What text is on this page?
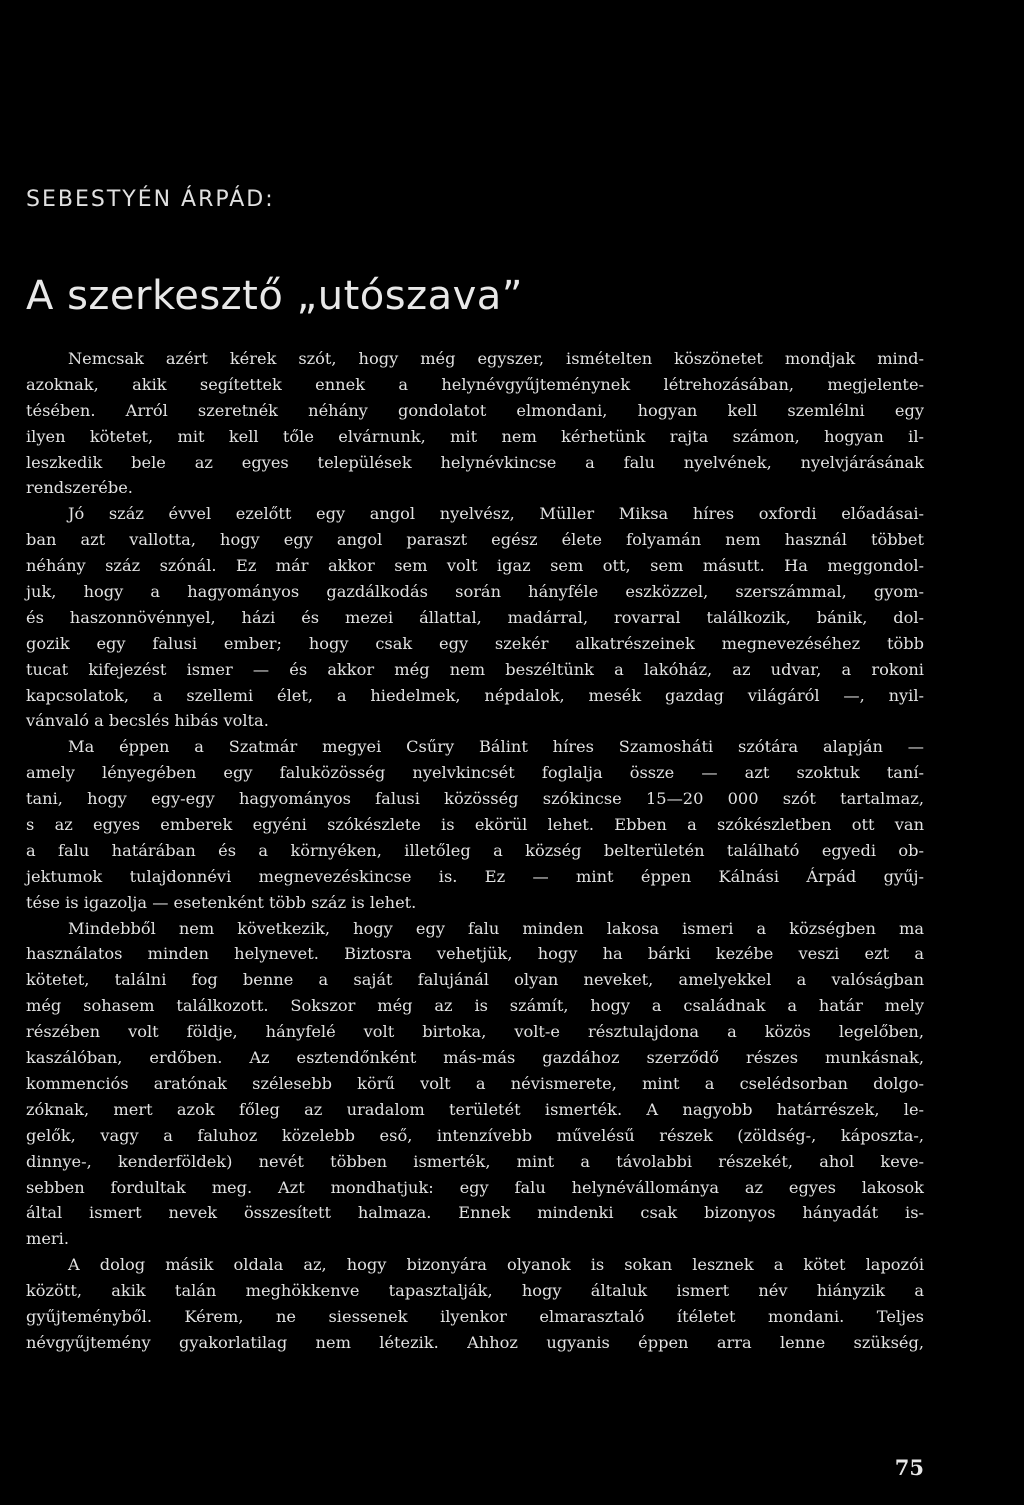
SEBESTYÉN ÁRPÁD:
A szerkesztő „utószava”
Nemcsak azért kérek szót, hogy még egyszer, ismételten köszönetet mondjak mind-
azoknak, akik segítettek ennek a helynévgyűjteménynek létrehozásában, megjelente-
tésében. Arról szeretnék néhány gondolatot elmondani, hogyan kell szemlélni egy
ilyen kötetet, mit kell tőle elvárnunk, mit nem kérhetünk rajta számon, hogyan il-
leszkedik bele az egyes települések helynévkincse a falu nyelvének, nyelvjárásának
rendszerébe.
Jó száz évvel ezelőtt egy angol nyelvész, Müller Miksa híres oxfordi előadásai-
ban azt vallotta, hogy egy angol paraszt egész élete folyamán nem használ többet
néhány száz szónál. Ez már akkor sem volt igaz sem ott, sem másutt. Ha meggondol-
juk, hogy a hagyományos gazdálkodás során hányféle eszközzel, szerszámmal, gyom-
és haszonnövénnyel, házi és mezei állattal, madárral, rovarral találkozik, bánik, dol-
gozik egy falusi ember; hogy csak egy szekér alkatrészeinek megnevezéséhez több
tucat kifejezést ismer — és akkor még nem beszéltünk a lakóház, az udvar, a rokoni
kapcsolatok, a szellemi élet, a hiedelmek, népdalok, mesék gazdag világáról —, nyil-
vánvaló a becslés hibás volta.
Ma éppen a Szatmár megyei Csűry Bálint híres Szamosháti szótára alapján —
amely lényegében egy faluközösség nyelvkincsét foglalja össze — azt szoktuk taní-
tani, hogy egy-egy hagyományos falusi közösség szókincse 15—20 000 szót tartalmaz,
s az egyes emberek egyéni szókészlete is ekörül lehet. Ebben a szókészletben ott van
a falu határában és a környéken, illetőleg a község belterületén található egyedi ob-
jektumok tulajdonnévi megnevezéskincse is. Ez — mint éppen Kálnási Árpád gyűj-
tése is igazolja — esetenként több száz is lehet.
Mindebből nem következik, hogy egy falu minden lakosa ismeri a községben ma
használatos minden helynevet. Biztosra vehetjük, hogy ha bárki kezébe veszi ezt a
kötetet, találni fog benne a saját falujánál olyan neveket, amelyekkel a valóságban
még sohasem találkozott. Sokszor még az is számít, hogy a családnak a határ mely
részében volt földje, hányfelé volt birtoka, volt-e résztulajdona a közös legelőben,
kaszálóban, erdőben. Az esztendőnként más-más gazdához szerződő részes munkásnak,
kommenciós aratónak szélesebb körű volt a névismerete, mint a cselédsorban dolgo-
zóknak, mert azok főleg az uradalom területét ismerték. A nagyobb határrészek, le-
gelők, vagy a faluhoz közelebb eső, intenzívebb művelésű részek (zöldség-, káposzta-,
dinnye-, kenderföldek) nevét többen ismerték, mint a távolabbi részekét, ahol keve-
sebben fordultak meg. Azt mondhatjuk: egy falu helynévállománya az egyes lakosok
által ismert nevek összesített halmaza. Ennek mindenki csak bizonyos hányadát is-
meri.
A dolog másik oldala az, hogy bizonyára olyanok is sokan lesznek a kötet lapozói
között, akik talán meghökkenve tapasztalják, hogy általuk ismert név hiányzik a
gyűjteményből. Kérem, ne siessenek ilyenkor elmarasztaló ítéletet mondani. Teljes
névgyűjtemény gyakorlatilag nem létezik. Ahhoz ugyanis éppen arra lenne szükség,
75
